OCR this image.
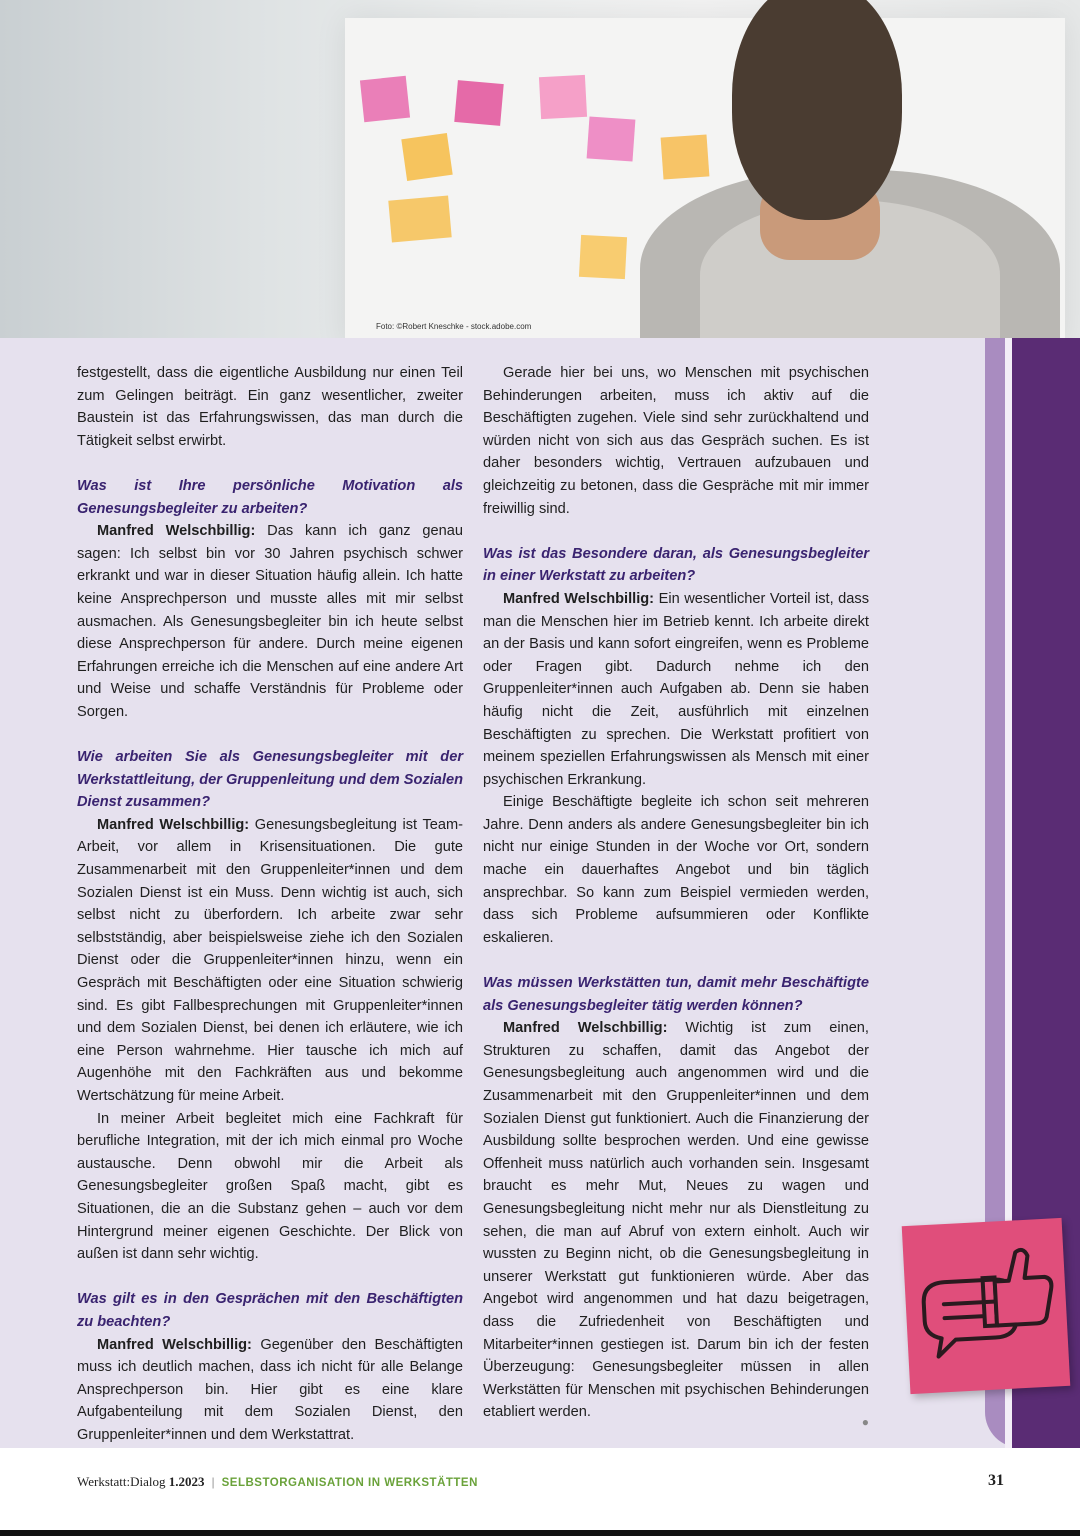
Foto: ©Robert Kneschke - stock.adobe.com

festgestellt, dass die eigentliche Ausbildung nur einen Teil zum Gelingen beiträgt. Ein ganz wesentlicher, zweiter Baustein ist das Erfahrungswissen, das man durch die Tätigkeit selbst erwirbt.

Was ist Ihre persönliche Motivation als Genesungsbegleiter zu arbeiten?

Manfred Welschbillig: Das kann ich ganz genau sagen: Ich selbst bin vor 30 Jahren psychisch schwer erkrankt und war in dieser Situation häufig allein. Ich hatte keine Ansprechperson und musste alles mit mir selbst ausmachen. Als Genesungsbegleiter bin ich heute selbst diese Ansprechperson für andere. Durch meine eigenen Erfahrungen erreiche ich die Menschen auf eine andere Art und Weise und schaffe Verständnis für Probleme oder Sorgen.

Wie arbeiten Sie als Genesungsbegleiter mit der Werkstattleitung, der Gruppenleitung und dem Sozialen Dienst zusammen?

Manfred Welschbillig: Genesungsbegleitung ist Team-Arbeit, vor allem in Krisensituationen. Die gute Zusammenarbeit mit den Gruppenleiter*innen und dem Sozialen Dienst ist ein Muss. Denn wichtig ist auch, sich selbst nicht zu überfordern. Ich arbeite zwar sehr selbstständig, aber beispielsweise ziehe ich den Sozialen Dienst oder die Gruppenleiter*innen hinzu, wenn ein Gespräch mit Beschäftigten oder eine Situation schwierig sind. Es gibt Fallbesprechungen mit Gruppenleiter*innen und dem Sozialen Dienst, bei denen ich erläutere, wie ich eine Person wahrnehme. Hier tausche ich mich auf Augenhöhe mit den Fachkräften aus und bekomme Wertschätzung für meine Arbeit.

In meiner Arbeit begleitet mich eine Fachkraft für berufliche Integration, mit der ich mich einmal pro Woche austausche. Denn obwohl mir die Arbeit als Genesungsbegleiter großen Spaß macht, gibt es Situationen, die an die Substanz gehen – auch vor dem Hintergrund meiner eigenen Geschichte. Der Blick von außen ist dann sehr wichtig.

Was gilt es in den Gesprächen mit den Beschäftigten zu beachten?

Manfred Welschbillig: Gegenüber den Beschäftigten muss ich deutlich machen, dass ich nicht für alle Belange Ansprechperson bin. Hier gibt es eine klare Aufgabenteilung mit dem Sozialen Dienst, den Gruppenleiter*innen und dem Werkstattrat.

Gerade hier bei uns, wo Menschen mit psychischen Behinderungen arbeiten, muss ich aktiv auf die Beschäftigten zugehen. Viele sind sehr zurückhaltend und würden nicht von sich aus das Gespräch suchen. Es ist daher besonders wichtig, Vertrauen aufzubauen und gleichzeitig zu betonen, dass die Gespräche mit mir immer freiwillig sind.

Was ist das Besondere daran, als Genesungsbegleiter in einer Werkstatt zu arbeiten?

Manfred Welschbillig: Ein wesentlicher Vorteil ist, dass man die Menschen hier im Betrieb kennt. Ich arbeite direkt an der Basis und kann sofort eingreifen, wenn es Probleme oder Fragen gibt. Dadurch nehme ich den Gruppenleiter*innen auch Aufgaben ab. Denn sie haben häufig nicht die Zeit, ausführlich mit einzelnen Beschäftigten zu sprechen. Die Werkstatt profitiert von meinem speziellen Erfahrungswissen als Mensch mit einer psychischen Erkrankung.

Einige Beschäftigte begleite ich schon seit mehreren Jahre. Denn anders als andere Genesungsbegleiter bin ich nicht nur einige Stunden in der Woche vor Ort, sondern mache ein dauerhaftes Angebot und bin täglich ansprechbar. So kann zum Beispiel vermieden werden, dass sich Probleme aufsummieren oder Konflikte eskalieren.

Was müssen Werkstätten tun, damit mehr Beschäftigte als Genesungsbegleiter tätig werden können?

Manfred Welschbillig: Wichtig ist zum einen, Strukturen zu schaffen, damit das Angebot der Genesungsbegleitung auch angenommen wird und die Zusammenarbeit mit den Gruppenleiter*innen und dem Sozialen Dienst gut funktioniert. Auch die Finanzierung der Ausbildung sollte besprochen werden. Und eine gewisse Offenheit muss natürlich auch vorhanden sein. Insgesamt braucht es mehr Mut, Neues zu wagen und Genesungsbegleitung nicht mehr nur als Dienstleitung zu sehen, die man auf Abruf von extern einholt. Auch wir wussten zu Beginn nicht, ob die Genesungsbegleitung in unserer Werkstatt gut funktionieren würde. Aber das Angebot wird angenommen und hat dazu beigetragen, dass die Zufriedenheit von Beschäftigten und Mitarbeiter*innen gestiegen ist. Darum bin ich der festen Überzeugung: Genesungsbegleiter müssen in allen Werkstätten für Menschen mit psychischen Behinderungen etabliert werden.

●
Werkstatt:Dialog 1.2023 | SELBSTORGANISATION IN WERKSTÄTTEN	31
